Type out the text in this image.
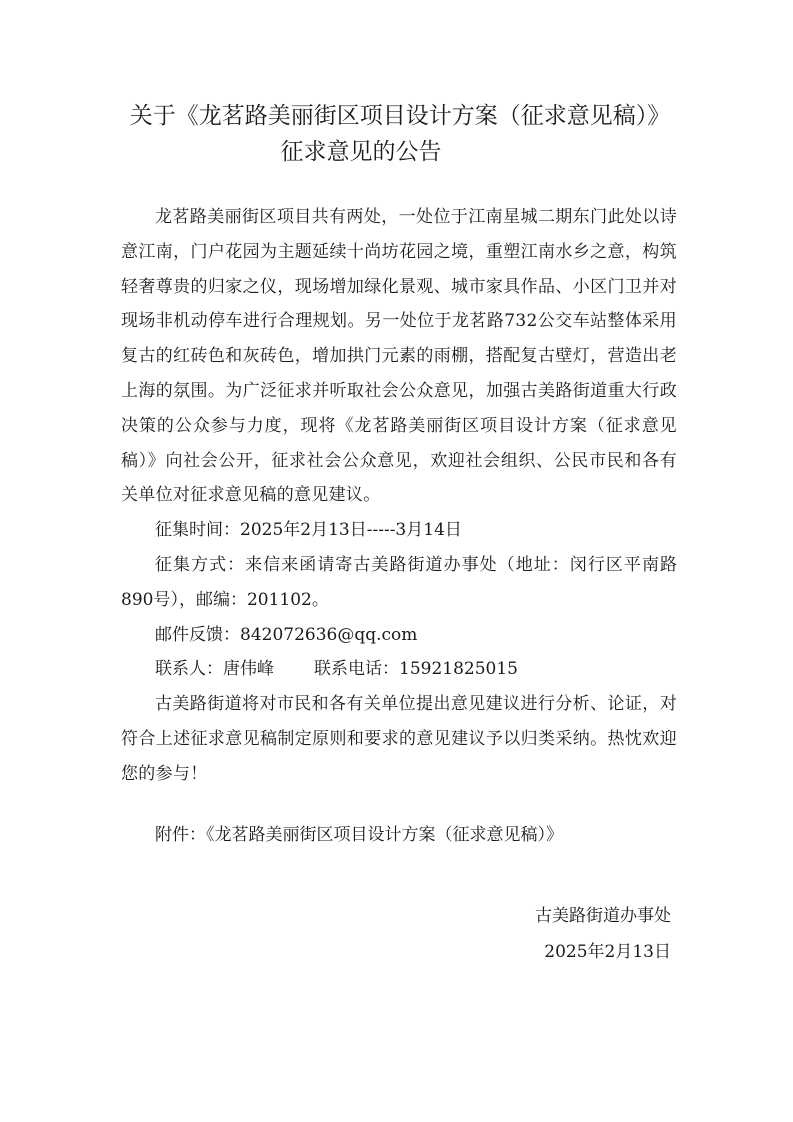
关于《龙茗路美丽街区项目设计方案（征求意见稿）》
征求意见的公告

龙茗路美丽街区项目共有两处，一处位于江南星城二期东门此处以诗意江南，门户花园为主题延续十尚坊花园之境，重塑江南水乡之意，构筑轻奢尊贵的归家之仪，现场增加绿化景观、城市家具作品、小区门卫并对现场非机动停车进行合理规划。另一处位于龙茗路732公交车站整体采用复古的红砖色和灰砖色，增加拱门元素的雨棚，搭配复古壁灯，营造出老上海的氛围。为广泛征求并听取社会公众意见，加强古美路街道重大行政决策的公众参与力度，现将《龙茗路美丽街区项目设计方案（征求意见稿）》向社会公开，征求社会公众意见，欢迎社会组织、公民市民和各有关单位对征求意见稿的意见建议。

征集时间：2025年2月13日-----3月14日

征集方式：来信来函请寄古美路街道办事处（地址：闵行区平南路890号），邮编：201102。

邮件反馈：842072636@qq.com

联系人：唐伟峰 联系电话：15921825015

古美路街道将对市民和各有关单位提出意见建议进行分析、论证，对符合上述征求意见稿制定原则和要求的意见建议予以归类采纳。热忱欢迎您的参与！

附件：《龙茗路美丽街区项目设计方案（征求意见稿）》

古美路街道办事处
2025年2月13日
